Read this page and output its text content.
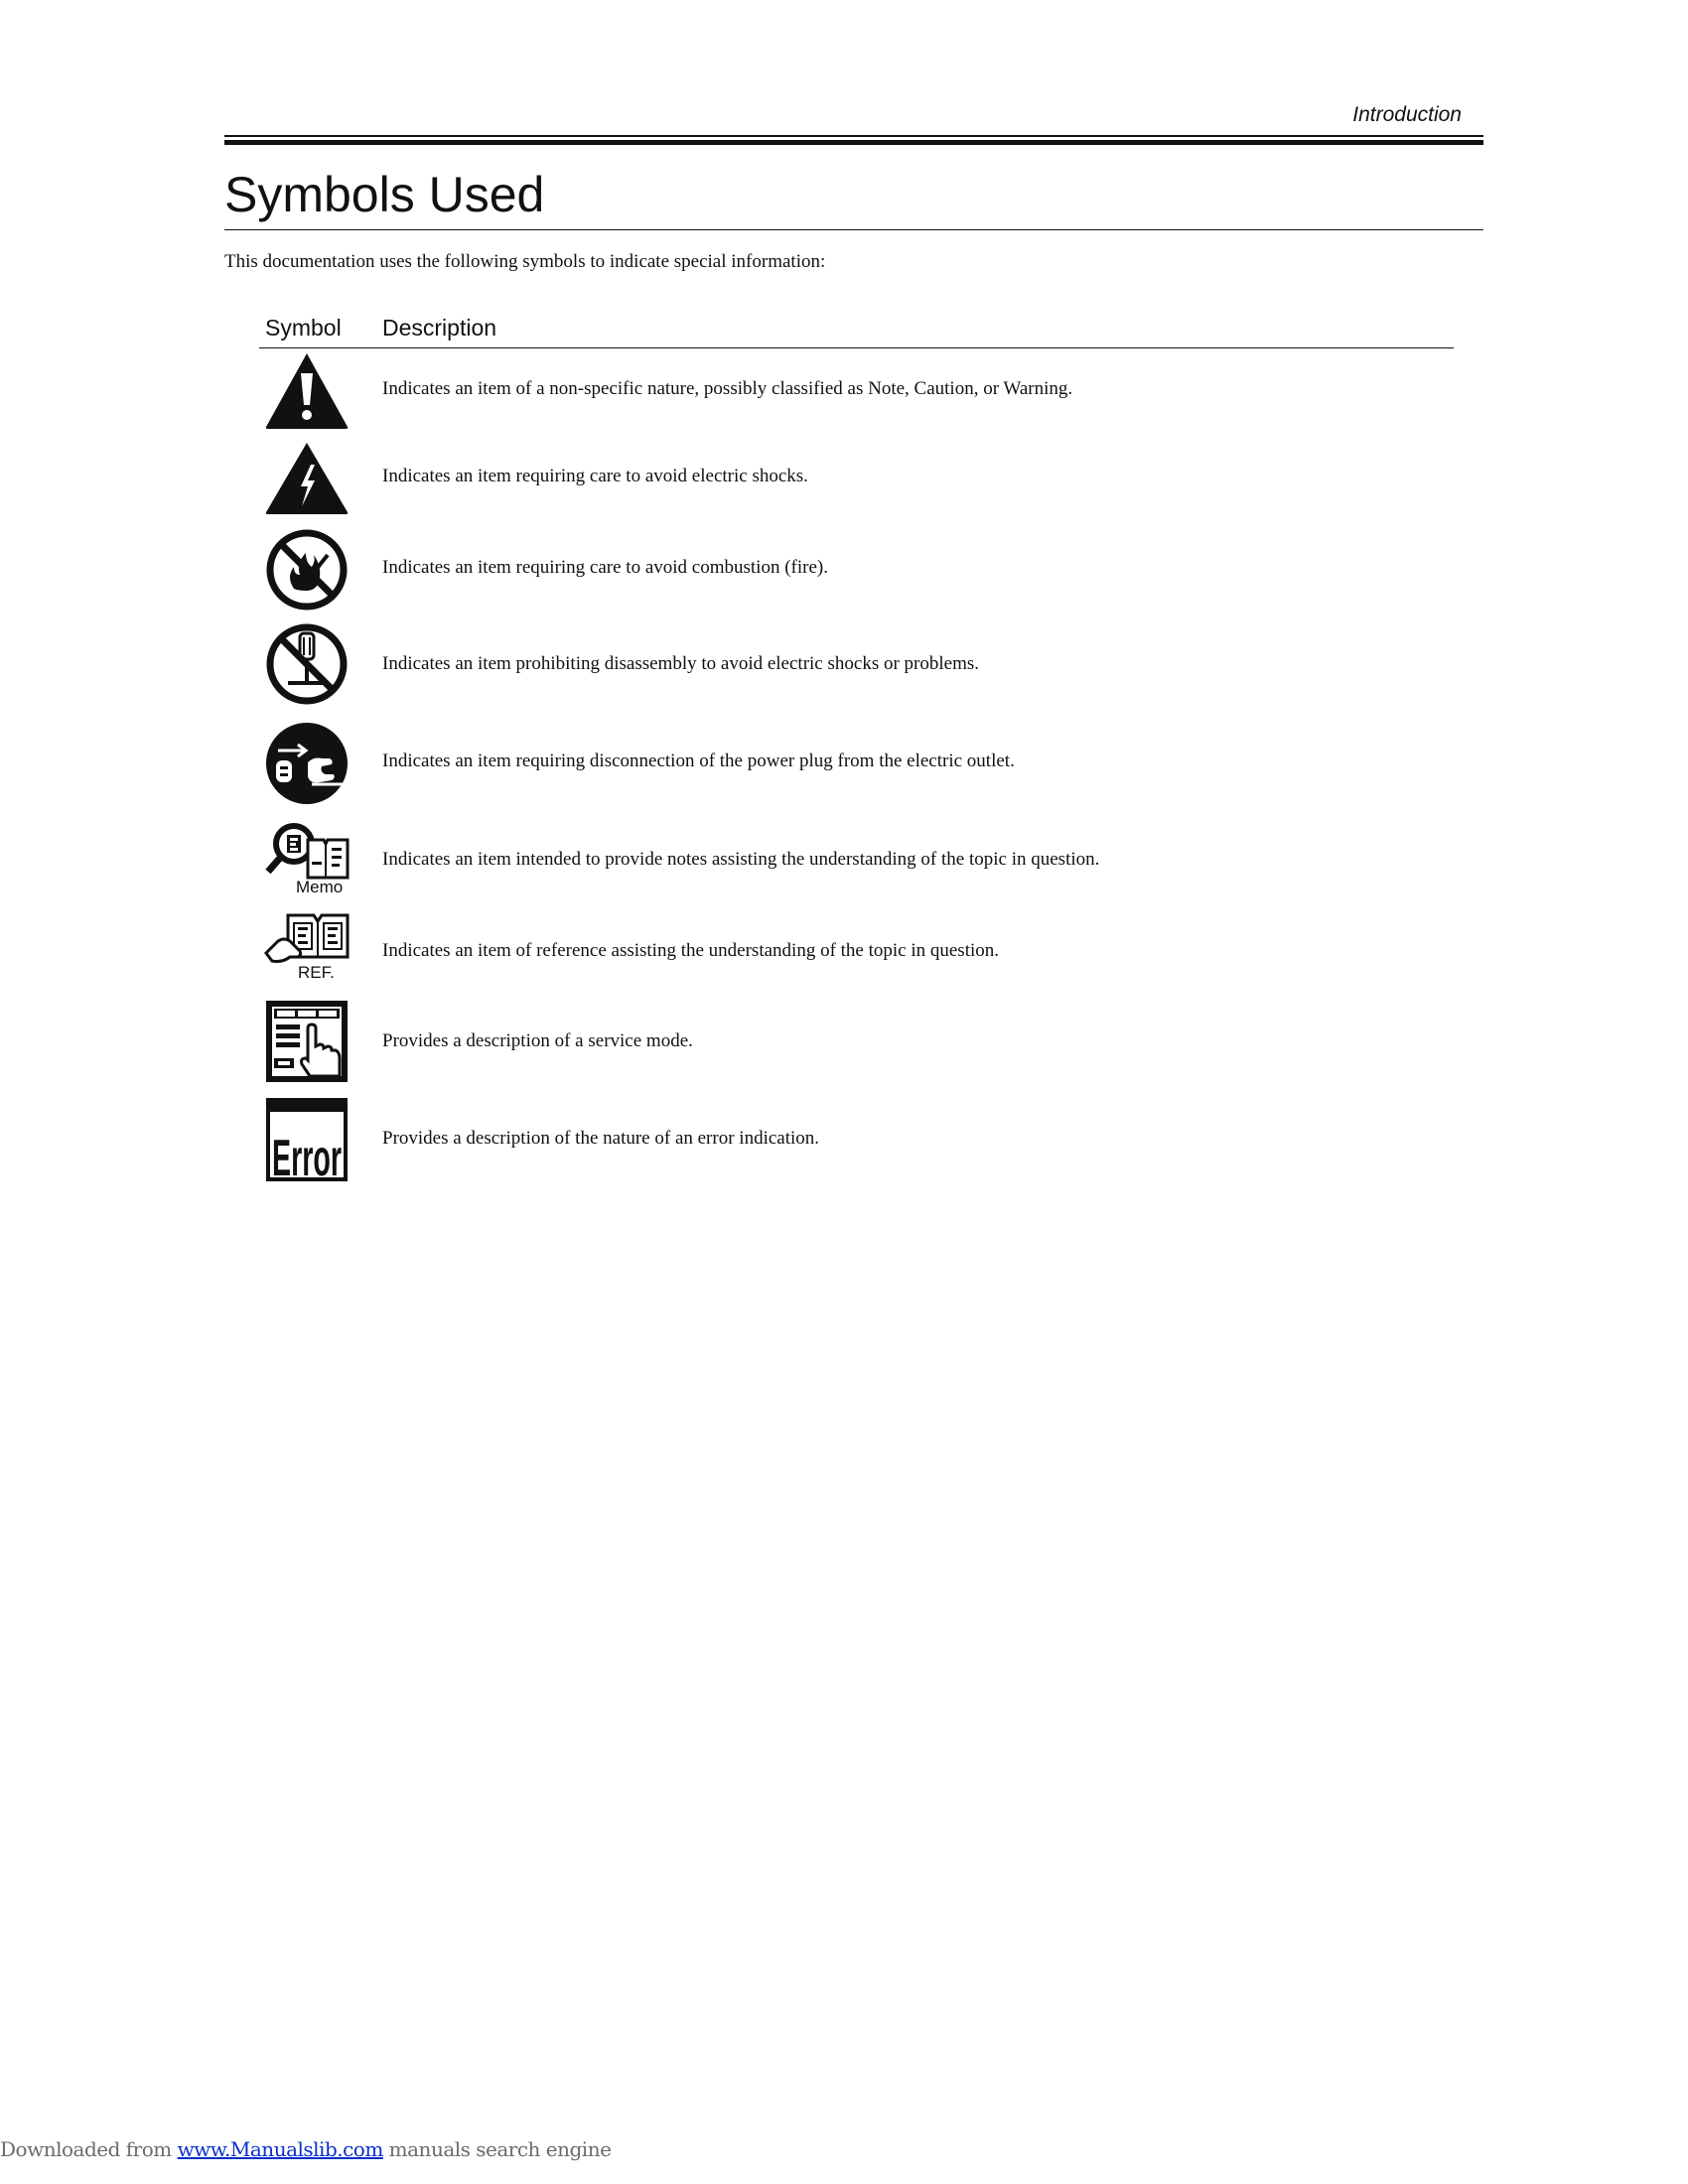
Introduction
Symbols Used
This documentation uses the following symbols to indicate special information:
Symbol Description
Indicates an item of a non-specific nature, possibly classified as Note, Caution, or Warning.
Indicates an item requiring care to avoid electric shocks.
Indicates an item requiring care to avoid combustion (fire).
Indicates an item prohibiting disassembly to avoid electric shocks or problems.
Indicates an item requiring disconnection of the power plug from the electric outlet.
Indicates an item intended to provide notes assisting the understanding of the topic in question.
Memo
Indicates an item of reference assisting the understanding of the topic in question.
REF.
Provides a description of a service mode.
Error Provides a description of the nature of an error indication.
Downloaded from www.Manualslib.com manuals search engine
